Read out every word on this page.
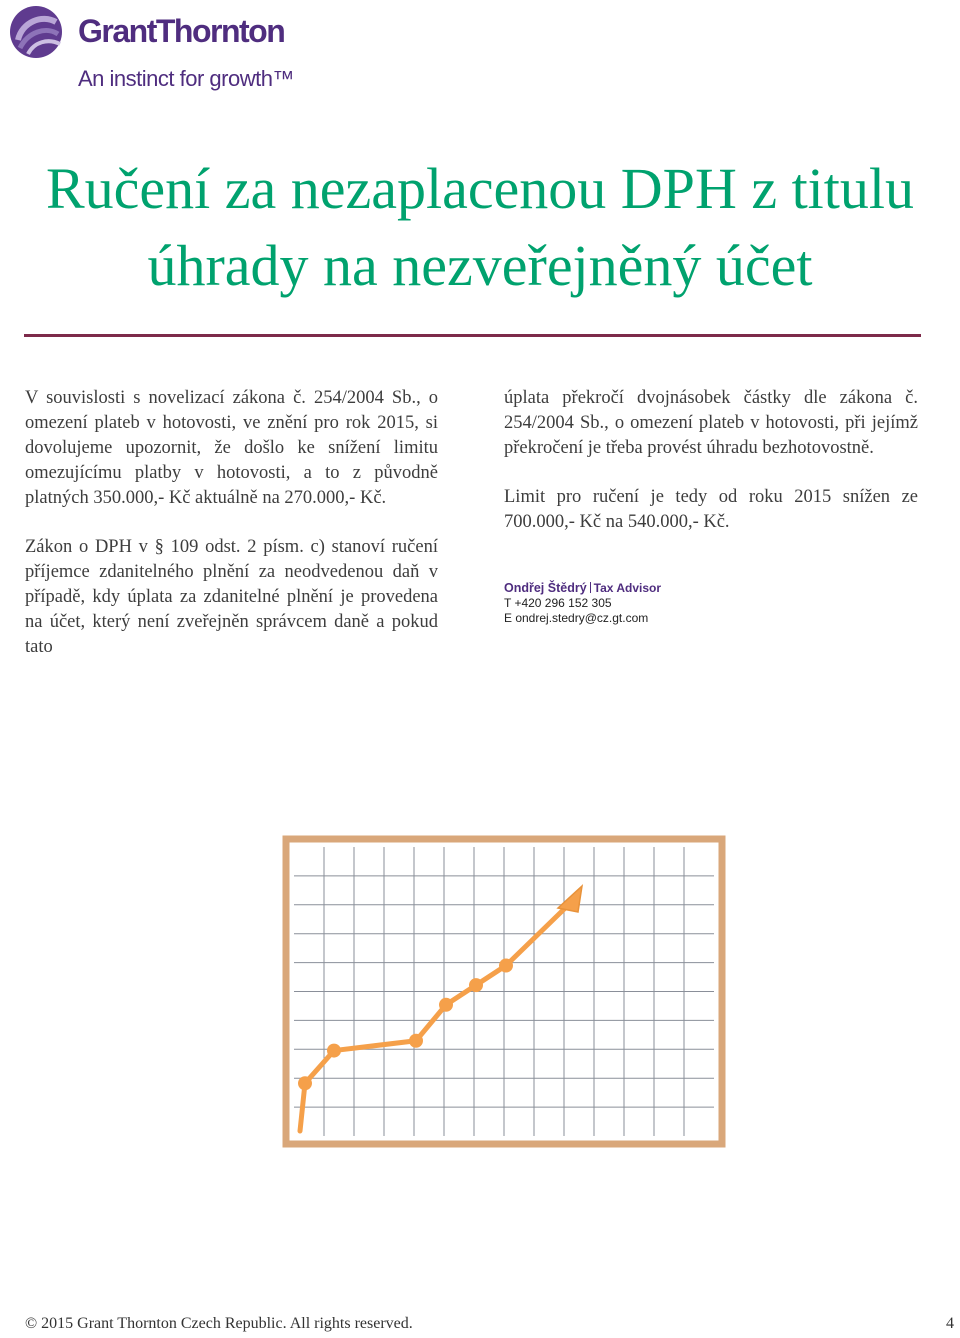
GrantThornton
An instinct for growth™
Ručení za nezaplacenou DPH z titulu úhrady na nezveřejněný účet

V souvislosti s novelizací zákona č. 254/2004 Sb., o omezení plateb v hotovosti, ve znění pro rok 2015, si dovolujeme upozornit, že došlo ke snížení limitu omezujícímu platby v hotovosti, a to z původně platných 350.000,- Kč aktuálně na 270.000,- Kč.

Zákon o DPH v § 109 odst. 2 písm. c) stanoví ručení příjemce zdanitelného plnění za neodvedenou daň v případě, kdy úplata za zdanitelné plnění je provedena na účet, který není zveřejněn správcem daně a pokud tato

úplata překročí dvojnásobek částky dle zákona č. 254/2004 Sb., o omezení plateb v hotovosti, při jejímž překročení je třeba provést úhradu bezhotovostně.

Limit pro ručení je tedy od roku 2015 snížen ze 700.000,- Kč na 540.000,- Kč.

Ondřej Štědrý Tax Advisor
T +420 296 152 305
E ondrej.stedry@cz.gt.com
© 2015 Grant Thornton Czech Republic. All rights reserved.	4
